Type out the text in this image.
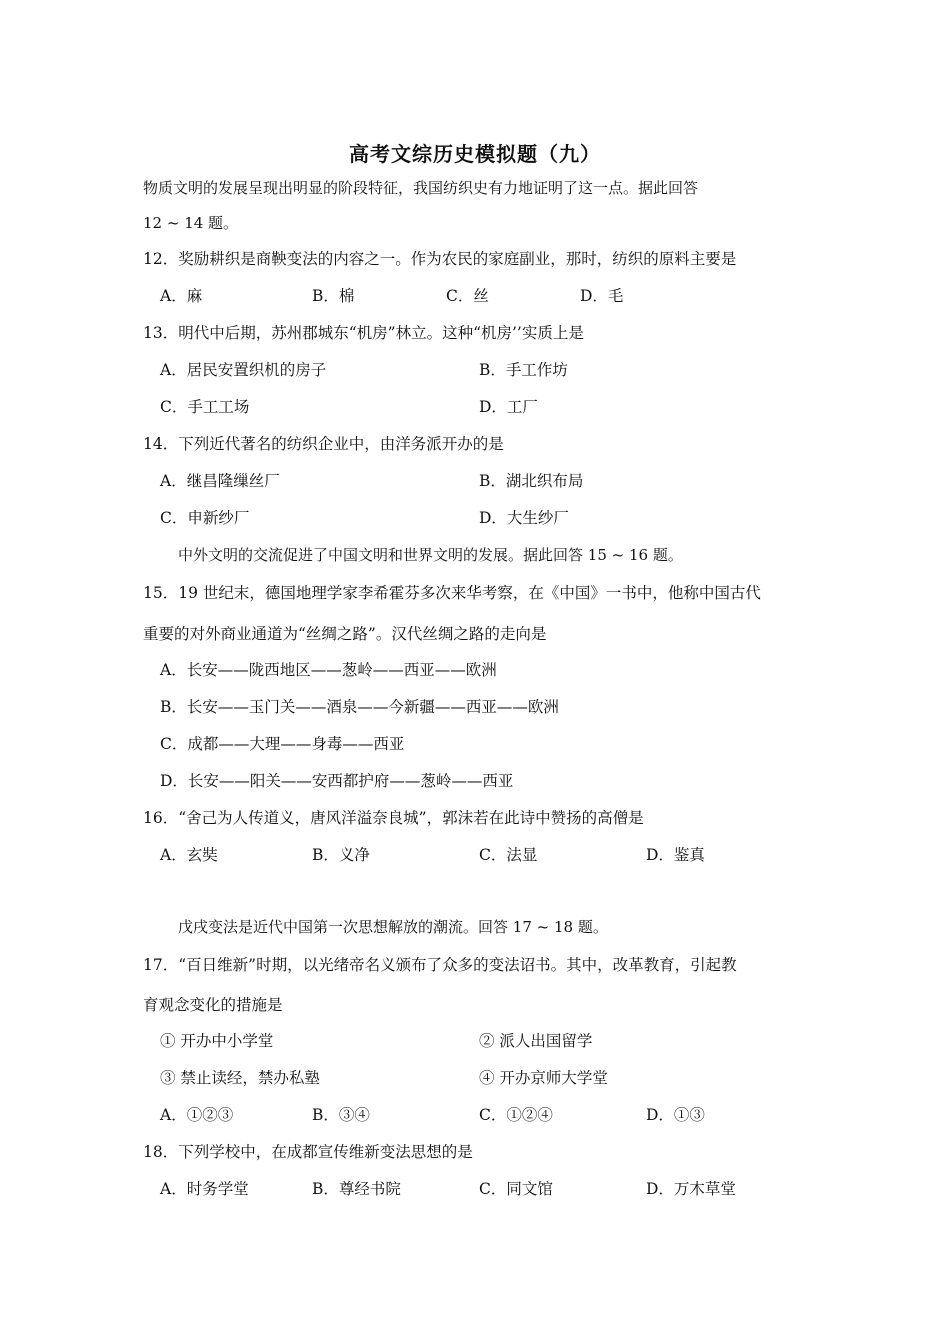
高考文综历史模拟题（九）
物质文明的发展呈现出明显的阶段特征，我国纺织史有力地证明了这一点。据此回答
12 ~ 14 题。
12．奖励耕织是商鞅变法的内容之一。作为农民的家庭副业，那时，纺织的原料主要是
A．麻	B．棉	C．丝	D．毛
13．明代中后期，苏州郡城东“机房”林立。这种“机房’’实质上是
A．居民安置织机的房子	B．手工作坊
C．手工工场	D．工厂
14．下列近代著名的纺织企业中，由洋务派开办的是
A．继昌隆缫丝厂	B．湖北织布局
C．申新纱厂	D．大生纱厂
中外文明的交流促进了中国文明和世界文明的发展。据此回答 15 ~ 16 题。
15．19 世纪末，德国地理学家李希霍芬多次来华考察，在《中国》一书中，他称中国古代
重要的对外商业通道为“丝绸之路”。汉代丝绸之路的走向是
A．长安——陇西地区——葱岭——西亚——欧洲
B．长安——玉门关——酒泉——今新疆——西亚——欧洲
C．成都——大理——身毒——西亚
D．长安——阳关——安西都护府——葱岭——西亚
16．“舍己为人传道义，唐风洋溢奈良城”，郭沫若在此诗中赞扬的高僧是
A．玄奘	B．义净	C．法显	D．鉴真
戊戌变法是近代中国第一次思想解放的潮流。回答 17 ~ 18 题。
17．“百日维新”时期，以光绪帝名义颁布了众多的变法诏书。其中，改革教育，引起教
育观念变化的措施是
① 开办中小学堂	② 派人出国留学
③ 禁止读经，禁办私塾	④ 开办京师大学堂
A．①②③	B．③④	C．①②④	D．①③
18．下列学校中，在成都宣传维新变法思想的是
A．时务学堂	B．尊经书院	C．同文馆	D．万木草堂
